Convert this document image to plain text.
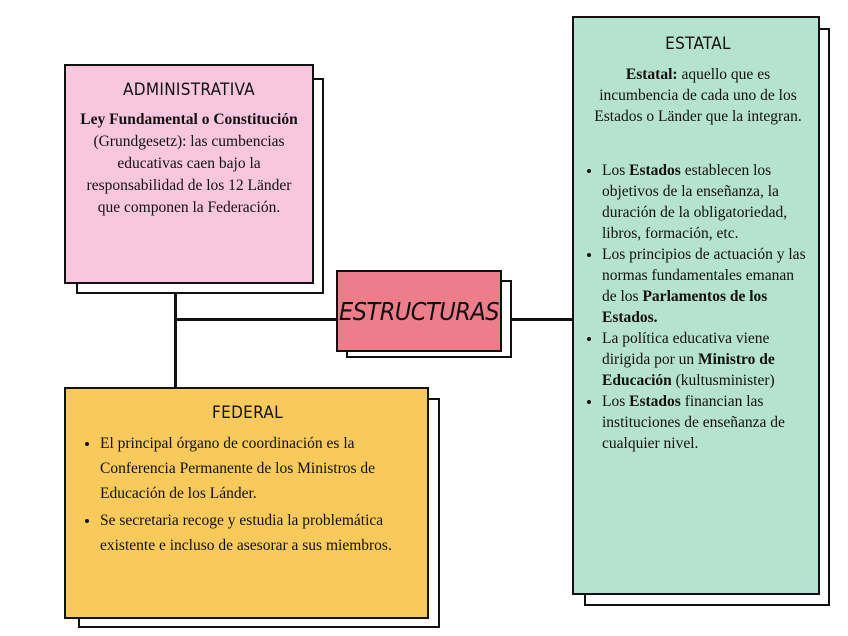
ADMINISTRATIVA
Ley Fundamental o Constitución (Grundgesetz): las cumbencias educativas caen bajo la responsabilidad de los 12 Länder que componen la Federación.
ESTRUCTURAS
FEDERAL
• El principal órgano de coordinación es la Conferencia Permanente de los Ministros de Educación de los Lánder.
• Se secretaria recoge y estudia la problemática existente e incluso de asesorar a sus miembros.
ESTATAL
Estatal: aquello que es incumbencia de cada uno de los Estados o Länder que la integran.
• Los Estados establecen los objetivos de la enseñanza, la duración de la obligatoriedad, libros, formación, etc.
• Los principios de actuación y las normas fundamentales emanan de los Parlamentos de los Estados.
• La política educativa viene dirigida por un Ministro de Educación (kultusminister)
• Los Estados financian las instituciones de enseñanza de cualquier nivel.
